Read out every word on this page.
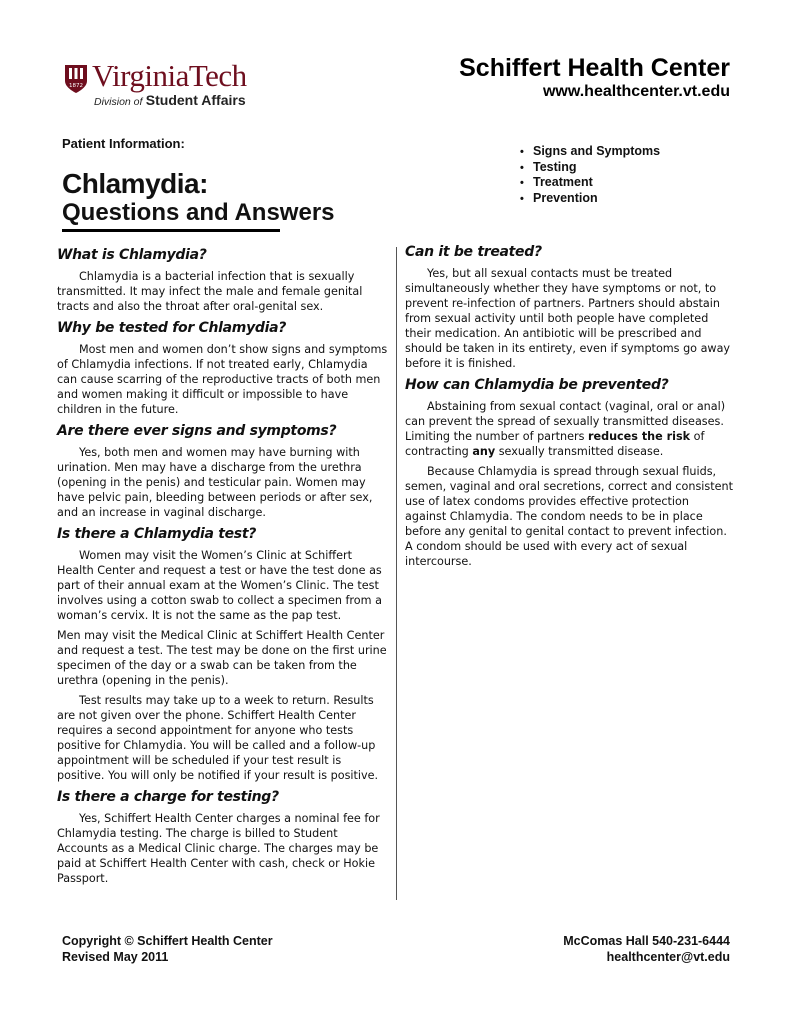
1872 VirginiaTech
Division of Student Affairs
Schiffert Health Center
www.healthcenter.vt.edu
Patient Information:
Chlamydia:
Questions and Answers
• Signs and Symptoms
• Testing
• Treatment
• Prevention
What is Chlamydia?

Chlamydia is a bacterial infection that is sexually transmitted. It may infect the male and female genital tracts and also the throat after oral-genital sex.

Why be tested for Chlamydia?

Most men and women don’t show signs and symptoms of Chlamydia infections. If not treated early, Chlamydia can cause scarring of the reproductive tracts of both men and women making it difficult or impossible to have children in the future.

Are there ever signs and symptoms?

Yes, both men and women may have burning with urination. Men may have a discharge from the urethra (opening in the penis) and testicular pain. Women may have pelvic pain, bleeding between periods or after sex, and an increase in vaginal discharge.

Is there a Chlamydia test?

Women may visit the Women’s Clinic at Schiffert Health Center and request a test or have the test done as part of their annual exam at the Women’s Clinic. The test involves using a cotton swab to collect a specimen from a woman’s cervix. It is not the same as the pap test.

Men may visit the Medical Clinic at Schiffert Health Center and request a test. The test may be done on the first urine specimen of the day or a swab can be taken from the urethra (opening in the penis).

Test results may take up to a week to return. Results are not given over the phone. Schiffert Health Center requires a second appointment for anyone who tests positive for Chlamydia. You will be called and a follow-up appointment will be scheduled if your test result is positive. You will only be notified if your result is positive.

Is there a charge for testing?

Yes, Schiffert Health Center charges a nominal fee for Chlamydia testing. The charge is billed to Student Accounts as a Medical Clinic charge. The charges may be paid at Schiffert Health Center with cash, check or Hokie Passport.

Can it be treated?

Yes, but all sexual contacts must be treated simultaneously whether they have symptoms or not, to prevent re-infection of partners. Partners should abstain from sexual activity until both people have completed their medication. An antibiotic will be prescribed and should be taken in its entirety, even if symptoms go away before it is finished.

How can Chlamydia be prevented?

Abstaining from sexual contact (vaginal, oral or anal) can prevent the spread of sexually transmitted diseases. Limiting the number of partners reduces the risk of contracting any sexually transmitted disease.

Because Chlamydia is spread through sexual fluids, semen, vaginal and oral secretions, correct and consistent use of latex condoms provides effective protection against Chlamydia. The condom needs to be in place before any genital to genital contact to prevent infection. A condom should be used with every act of sexual intercourse.

Copyright © Schiffert Health Center
Revised May 2011
McComas Hall 540-231-6444
healthcenter@vt.edu
